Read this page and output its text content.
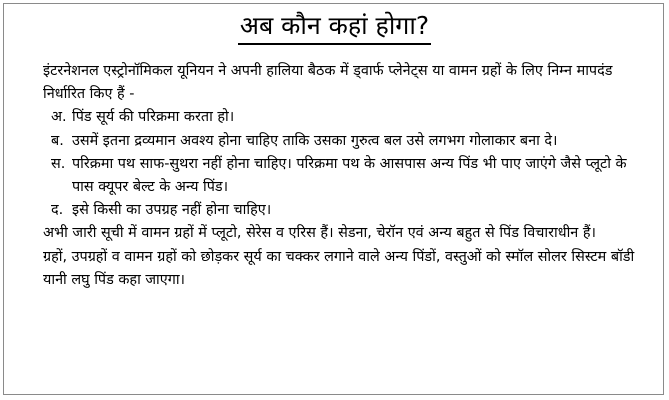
अब कौन कहां होगा?

इंटरनेशनल एस्ट्रोनॉमिकल यूनियन ने अपनी हालिया बैठक में ड्वार्फ प्लेनेट्स या वामन ग्रहों के लिए निम्न मापदंड निर्धारित किए हैं -

अ. पिंड सूर्य की परिक्रमा करता हो।
ब. उसमें इतना द्रव्यमान अवश्य होना चाहिए ताकि उसका गुरुत्व बल उसे लगभग गोलाकार बना दे।
स. परिक्रमा पथ साफ-सुथरा नहीं होना चाहिए। परिक्रमा पथ के आसपास अन्य पिंड भी पाए जाएंगे जैसे प्लूटो के पास क्यूपर बेल्ट के अन्य पिंड।
द. इसे किसी का उपग्रह नहीं होना चाहिए।

अभी जारी सूची में वामन ग्रहों में प्लूटो, सेरेस व एरिस हैं। सेडना, चेरॉन एवं अन्य बहुत से पिंड विचाराधीन हैं।

ग्रहों, उपग्रहों व वामन ग्रहों को छोड़कर सूर्य का चक्कर लगाने वाले अन्य पिंडों, वस्तुओं को स्मॉल सोलर सिस्टम बॉडी यानी लघु पिंड कहा जाएगा।
